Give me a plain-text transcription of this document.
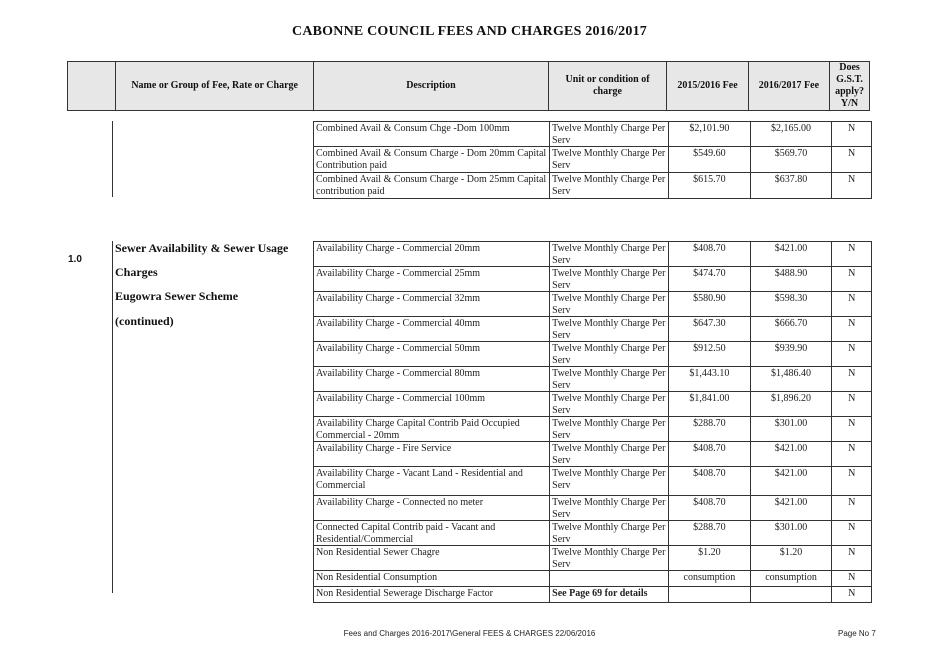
CABONNE COUNCIL FEES AND CHARGES 2016/2017
	Name or Group of Fee, Rate or Charge	Description	Unit or condition of charge	2015/2016 Fee	2016/2017 Fee	Does G.S.T. apply? Y/N
Combined Avail & Consum Chge -Dom 100mm	Twelve Monthly Charge Per Serv	$2,101.90	$2,165.00	N
Combined Avail & Consum Charge - Dom 20mm Capital Contribution paid	Twelve Monthly Charge Per Serv	$549.60	$569.70	N
Combined Avail & Consum Charge - Dom 25mm Capital contribution paid	Twelve Monthly Charge Per Serv	$615.70	$637.80	N
1.0
Sewer Availability & Sewer Usage
Charges
Eugowra Sewer Scheme
(continued)
Availability Charge - Commercial 20mm	Twelve Monthly Charge Per Serv	$408.70	$421.00	N
Availability Charge - Commercial 25mm	Twelve Monthly Charge Per Serv	$474.70	$488.90	N
Availability Charge - Commercial 32mm	Twelve Monthly Charge Per Serv	$580.90	$598.30	N
Availability Charge - Commercial 40mm	Twelve Monthly Charge Per Serv	$647.30	$666.70	N
Availability Charge - Commercial 50mm	Twelve Monthly Charge Per Serv	$912.50	$939.90	N
Availability Charge - Commercial 80mm	Twelve Monthly Charge Per Serv	$1,443.10	$1,486.40	N
Availability Charge - Commercial 100mm	Twelve Monthly Charge Per Serv	$1,841.00	$1,896.20	N
Availability Charge Capital Contrib Paid Occupied Commercial - 20mm	Twelve Monthly Charge Per Serv	$288.70	$301.00	N
Availability Charge - Fire Service	Twelve Monthly Charge Per Serv	$408.70	$421.00	N
Availability Charge - Vacant Land - Residential and Commercial	Twelve Monthly Charge Per Serv	$408.70	$421.00	N
Availability Charge - Connected no meter	Twelve Monthly Charge Per Serv	$408.70	$421.00	N
Connected Capital Contrib paid - Vacant and Residential/Commercial	Twelve Monthly Charge Per Serv	$288.70	$301.00	N
Non Residential Sewer Chagre	Twelve Monthly Charge Per Serv	$1.20	$1.20	N
Non Residential Consumption		consumption	consumption	N
Non Residential Sewerage Discharge Factor	See Page 69 for details			N
Fees and Charges 2016-2017\General FEES & CHARGES 22/06/2016	Page No 7
